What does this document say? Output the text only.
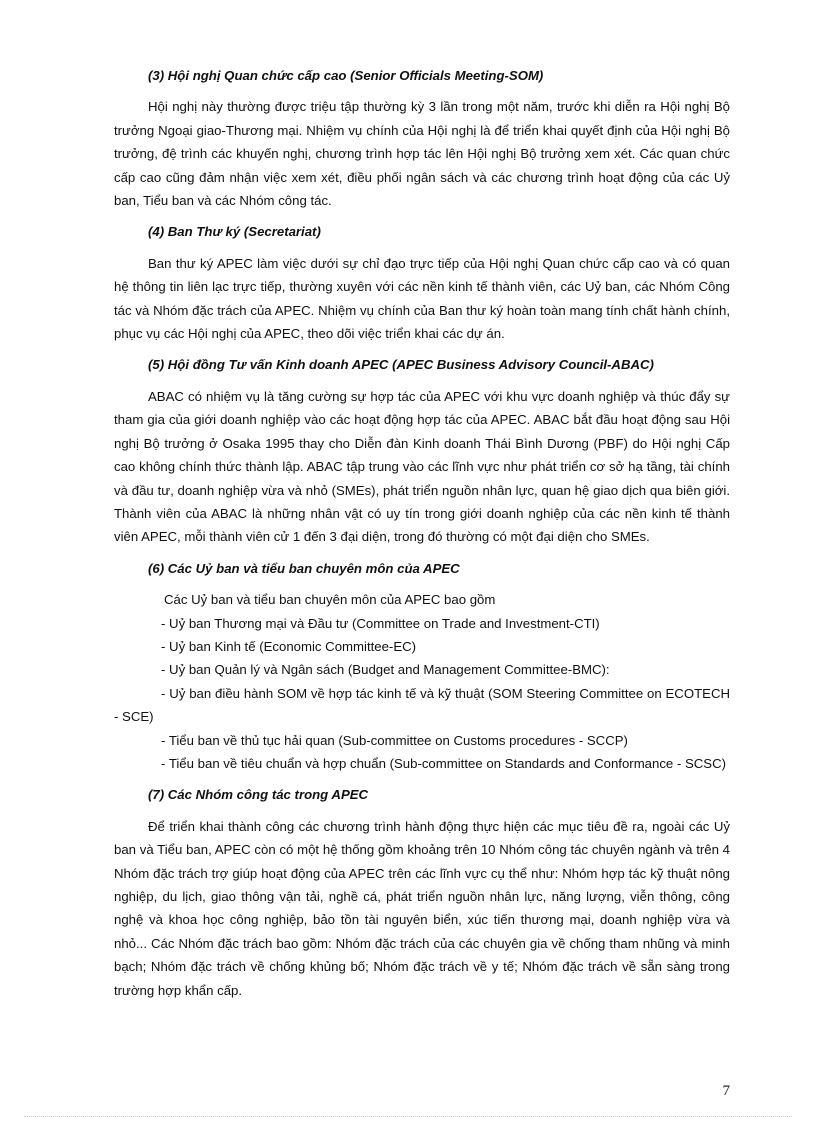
(3) Hội nghị Quan chức cấp cao (Senior Officials Meeting-SOM)

Hội nghị này thường được triệu tập thường kỳ 3 lần trong một năm, trước khi diễn ra Hội nghị Bộ trưởng Ngoại giao-Thương mại. Nhiệm vụ chính của Hội nghị là để triển khai quyết định của Hội nghị Bộ trưởng, đệ trình các khuyến nghị, chương trình hợp tác lên Hội nghị Bộ trưởng xem xét. Các quan chức cấp cao cũng đảm nhận việc xem xét, điều phối ngân sách và các chương trình hoạt động của các Uỷ ban, Tiểu ban và các Nhóm công tác.

(4) Ban Thư ký (Secretariat)

Ban thư ký APEC làm việc dưới sự chỉ đạo trực tiếp của Hội nghị Quan chức cấp cao và có quan hệ thông tin liên lạc trực tiếp, thường xuyên với các nền kinh tế thành viên, các Uỷ ban, các Nhóm Công tác và Nhóm đặc trách của APEC. Nhiệm vụ chính của Ban thư ký hoàn toàn mang tính chất hành chính, phục vụ các Hội nghị của APEC, theo dõi việc triển khai các dự án.

(5) Hội đồng Tư vấn Kinh doanh APEC (APEC Business Advisory Council-ABAC)

ABAC có nhiệm vụ là tăng cường sự hợp tác của APEC với khu vực doanh nghiệp và thúc đẩy sự tham gia của giới doanh nghiệp vào các hoạt động hợp tác của APEC. ABAC bắt đầu hoạt động sau Hội nghị Bộ trưởng ở Osaka 1995 thay cho Diễn đàn Kinh doanh Thái Bình Dương (PBF) do Hội nghị Cấp cao không chính thức thành lập. ABAC tập trung vào các lĩnh vực như phát triển cơ sở hạ tầng, tài chính và đầu tư, doanh nghiệp vừa và nhỏ (SMEs), phát triển nguồn nhân lực, quan hệ giao dịch qua biên giới. Thành viên của ABAC là những nhân vật có uy tín trong giới doanh nghiệp của các nền kinh tế thành viên APEC, mỗi thành viên cử 1 đến 3 đại diện, trong đó thường có một đại diện cho SMEs.

(6) Các Uỷ ban và tiểu ban chuyên môn của APEC
Các Uỷ ban và tiểu ban chuyên môn của APEC bao gồm
- Uỷ ban Thương mại và Đầu tư (Committee on Trade and Investment-CTI)
- Uỷ ban Kinh tế (Economic Committee-EC)
- Uỷ ban Quản lý và Ngân sách (Budget and Management Committee-BMC):
- Uỷ ban điều hành SOM về hợp tác kinh tế và kỹ thuật (SOM Steering Committee on ECOTECH - SCE)
- Tiểu ban về thủ tục hải quan (Sub-committee on Customs procedures - SCCP)
- Tiểu ban về tiêu chuẩn và hợp chuẩn (Sub-committee on Standards and Conformance - SCSC)
(7) Các Nhóm công tác trong APEC

Để triển khai thành công các chương trình hành động thực hiện các mục tiêu đề ra, ngoài các Uỷ ban và Tiểu ban, APEC còn có một hệ thống gồm khoảng trên 10 Nhóm công tác chuyên ngành và trên 4 Nhóm đặc trách trợ giúp hoạt động của APEC trên các lĩnh vực cụ thể như: Nhóm hợp tác kỹ thuật nông nghiệp, du lịch, giao thông vận tải, nghề cá, phát triển nguồn nhân lực, năng lượng, viễn thông, công nghệ và khoa học công nghiệp, bảo tồn tài nguyên biển, xúc tiến thương mại, doanh nghiệp vừa và nhỏ... Các Nhóm đặc trách bao gồm: Nhóm đặc trách của các chuyên gia về chống tham nhũng và minh bạch; Nhóm đặc trách về chống khủng bố; Nhóm đặc trách về y tế; Nhóm đặc trách về sẵn sàng trong trường hợp khẩn cấp.

7
